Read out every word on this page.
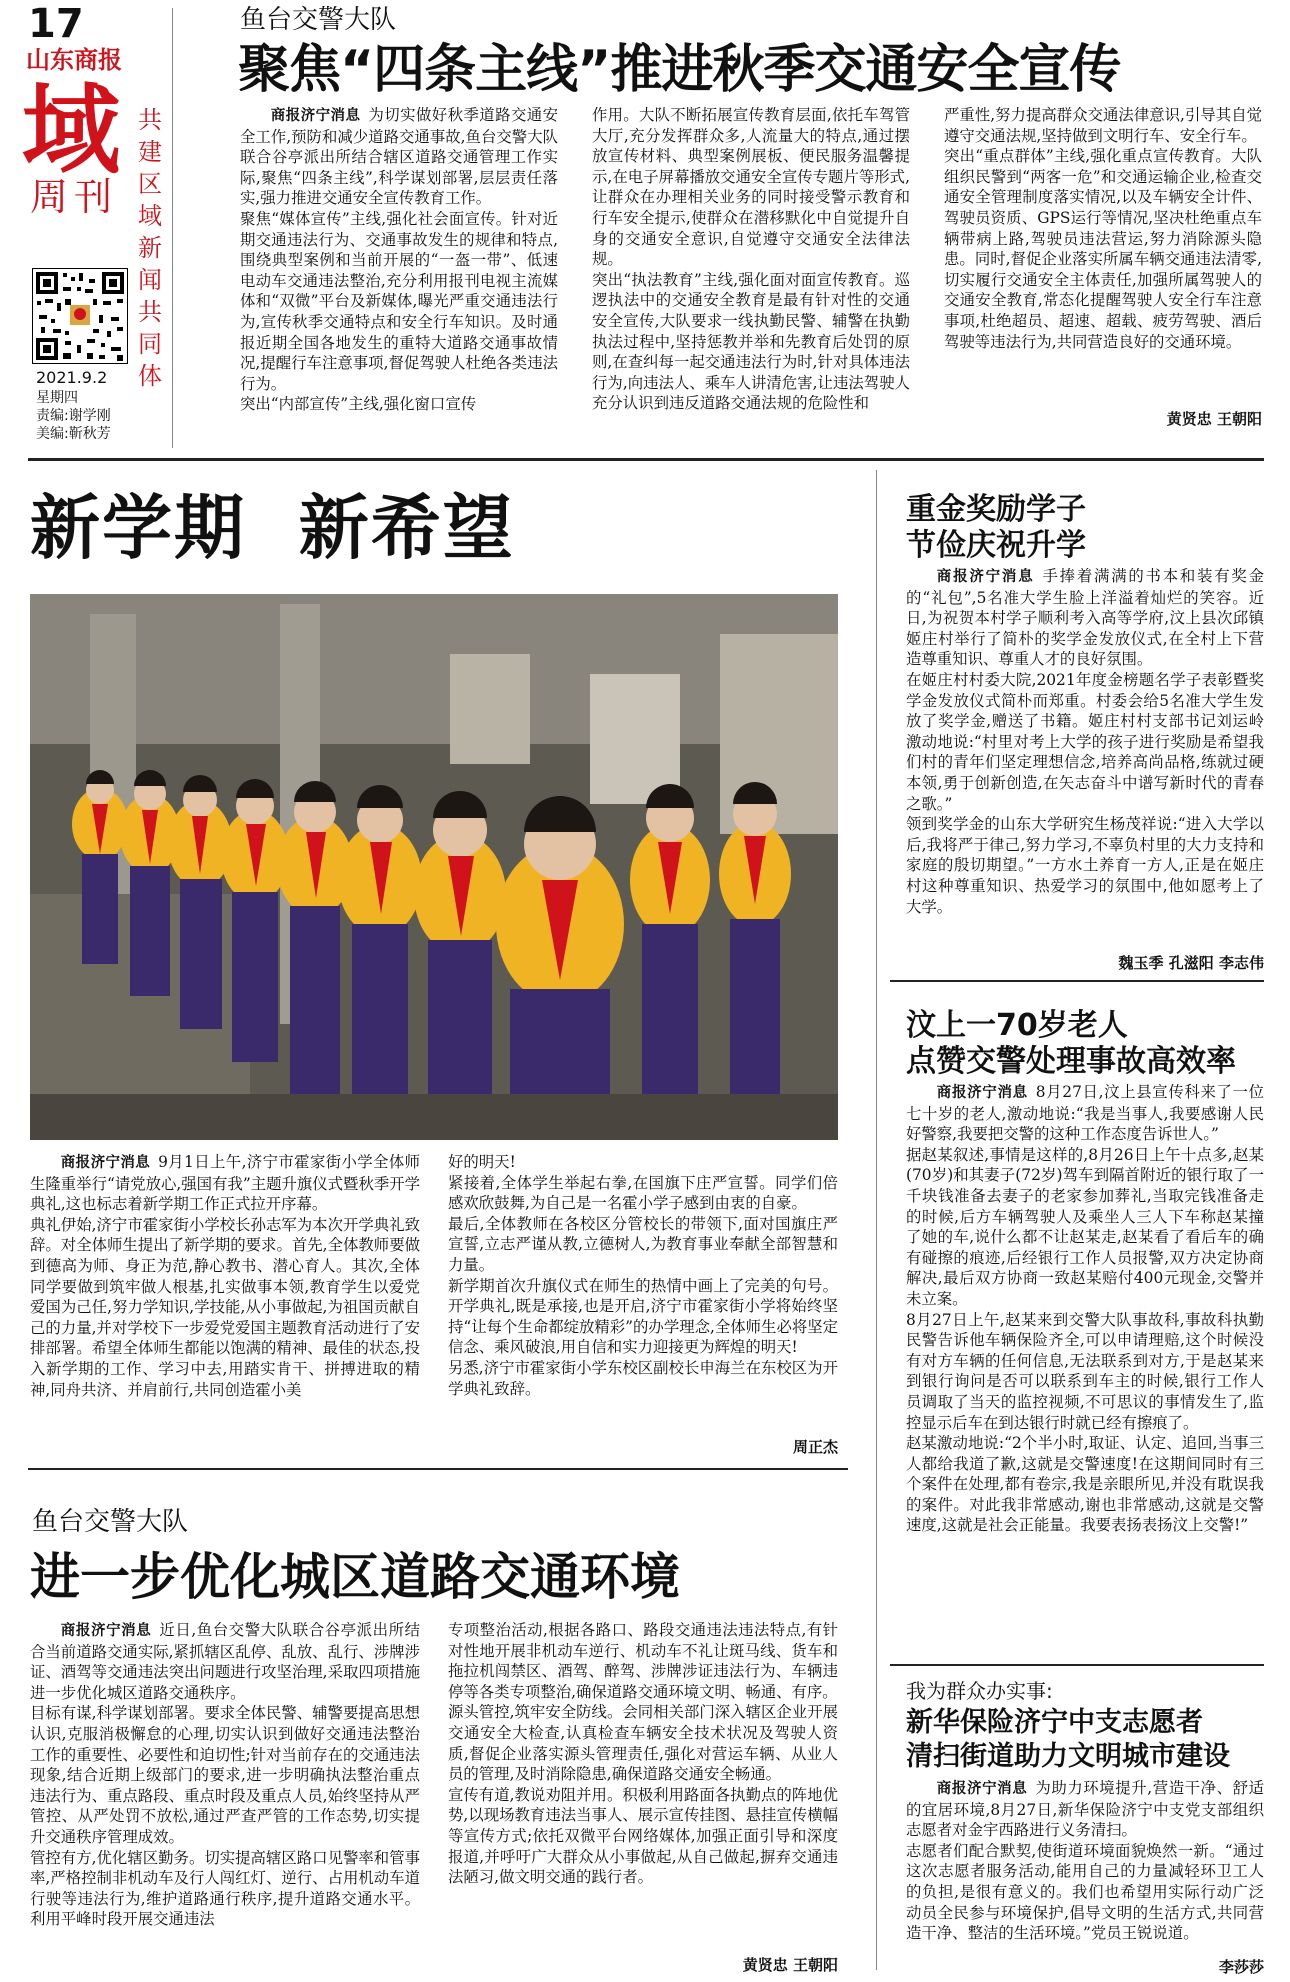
17
山东商报
域
周刊
共建区域新闻共同体
2021.9.2
星期四
责编:谢学刚
美编:靳秋芳
鱼台交警大队
聚焦“四条主线”推进秋季交通安全宣传
商报济宁消息 为切实做好秋季道路交通安全工作,预防和减少道路交通事故,鱼台交警大队联合谷亭派出所结合辖区道路交通管理工作实际,聚焦“四条主线”,科学谋划部署,层层责任落实,强力推进交通安全宣传教育工作。
聚焦“媒体宣传”主线,强化社会面宣传。针对近期交通违法行为、交通事故发生的规律和特点,围绕典型案例和当前开展的“一盔一带”、低速电动车交通违法整治,充分利用报刊电视主流媒体和“双微”平台及新媒体,曝光严重交通违法行为,宣传秋季交通特点和安全行车知识。及时通报近期全国各地发生的重特大道路交通事故情况,提醒行车注意事项,督促驾驶人杜绝各类违法行为。
突出“内部宣传”主线,强化窗口宣传
作用。大队不断拓展宣传教育层面,依托车驾管大厅,充分发挥群众多,人流量大的特点,通过摆放宣传材料、典型案例展板、便民服务温馨提示,在电子屏幕播放交通安全宣传专题片等形式,让群众在办理相关业务的同时接受警示教育和行车安全提示,使群众在潜移默化中自觉提升自身的交通安全意识,自觉遵守交通安全法律法规。
突出“执法教育”主线,强化面对面宣传教育。巡逻执法中的交通安全教育是最有针对性的交通安全宣传,大队要求一线执勤民警、辅警在执勤执法过程中,坚持惩教并举和先教育后处罚的原则,在查纠每一起交通违法行为时,针对具体违法行为,向违法人、乘车人讲清危害,让违法驾驶人充分认识到违反道路交通法规的危险性和
严重性,努力提高群众交通法律意识,引导其自觉遵守交通法规,坚持做到文明行车、安全行车。
突出“重点群体”主线,强化重点宣传教育。大队组织民警到“两客一危”和交通运输企业,检查交通安全管理制度落实情况,以及车辆安全计件、驾驶员资质、GPS运行等情况,坚决杜绝重点车辆带病上路,驾驶员违法营运,努力消除源头隐患。同时,督促企业落实所属车辆交通违法清零,切实履行交通安全主体责任,加强所属驾驶人的交通安全教育,常态化提醒驾驶人安全行车注意事项,杜绝超员、超速、超载、疲劳驾驶、酒后驾驶等违法行为,共同营造良好的交通环境。
黄贤忠 王朝阳
新学期  新希望
商报济宁消息 9月1日上午,济宁市霍家街小学全体师生隆重举行“请党放心,强国有我”主题升旗仪式暨秋季开学典礼,这也标志着新学期工作正式拉开序幕。
典礼伊始,济宁市霍家街小学校长孙志军为本次开学典礼致辞。对全体师生提出了新学期的要求。首先,全体教师要做到德高为师、身正为范,静心教书、潜心育人。其次,全体同学要做到筑牢做人根基,扎实做事本领,教育学生以爱党爱国为己任,努力学知识,学技能,从小事做起,为祖国贡献自己的力量,并对学校下一步爱党爱国主题教育活动进行了安排部署。希望全体师生都能以饱满的精神、最佳的状态,投入新学期的工作、学习中去,用踏实肯干、拼搏进取的精神,同舟共济、并肩前行,共同创造霍小美
好的明天!
紧接着,全体学生举起右拳,在国旗下庄严宣誓。同学们倍感欢欣鼓舞,为自己是一名霍小学子感到由衷的自豪。
最后,全体教师在各校区分管校长的带领下,面对国旗庄严宣誓,立志严谨从教,立德树人,为教育事业奉献全部智慧和力量。
新学期首次升旗仪式在师生的热情中画上了完美的句号。开学典礼,既是承接,也是开启,济宁市霍家街小学将始终坚持“让每个生命都绽放精彩”的办学理念,全体师生必将坚定信念、乘风破浪,用自信和实力迎接更为辉煌的明天!
另悉,济宁市霍家街小学东校区副校长申海兰在东校区为开学典礼致辞。
周正杰
鱼台交警大队
进一步优化城区道路交通环境
商报济宁消息 近日,鱼台交警大队联合谷亭派出所结合当前道路交通实际,紧抓辖区乱停、乱放、乱行、涉牌涉证、酒驾等交通违法突出问题进行攻坚治理,采取四项措施进一步优化城区道路交通秩序。
目标有谋,科学谋划部署。要求全体民警、辅警要提高思想认识,克服消极懈怠的心理,切实认识到做好交通违法整治工作的重要性、必要性和迫切性;针对当前存在的交通违法现象,结合近期上级部门的要求,进一步明确执法整治重点违法行为、重点路段、重点时段及重点人员,始终坚持从严管控、从严处罚不放松,通过严查严管的工作态势,切实提升交通秩序管理成效。
管控有方,优化辖区勤务。切实提高辖区路口见警率和管事率,严格控制非机动车及行人闯红灯、逆行、占用机动车道行驶等违法行为,维护道路通行秩序,提升道路交通水平。利用平峰时段开展交通违法
专项整治活动,根据各路口、路段交通违法违法特点,有针对性地开展非机动车逆行、机动车不礼让斑马线、货车和拖拉机闯禁区、酒驾、醉驾、涉牌涉证违法行为、车辆违停等各类专项整治,确保道路交通环境文明、畅通、有序。
源头管控,筑牢安全防线。会同相关部门深入辖区企业开展交通安全大检查,认真检查车辆安全技术状况及驾驶人资质,督促企业落实源头管理责任,强化对营运车辆、从业人员的管理,及时消除隐患,确保道路交通安全畅通。
宣传有道,教说劝阻并用。积极利用路面各执勤点的阵地优势,以现场教育违法当事人、展示宣传挂图、悬挂宣传横幅等宣传方式;依托双微平台网络媒体,加强正面引导和深度报道,并呼吁广大群众从小事做起,从自己做起,摒弃交通违法陋习,做文明交通的践行者。
黄贤忠 王朝阳
重金奖励学子
节俭庆祝升学
商报济宁消息 手捧着满满的书本和装有奖金的“礼包”,5名准大学生脸上洋溢着灿烂的笑容。近日,为祝贺本村学子顺利考入高等学府,汶上县次邱镇姬庄村举行了简朴的奖学金发放仪式,在全村上下营造尊重知识、尊重人才的良好氛围。
在姬庄村村委大院,2021年度金榜题名学子表彰暨奖学金发放仪式简朴而郑重。村委会给5名准大学生发放了奖学金,赠送了书籍。姬庄村村支部书记刘运岭激动地说:“村里对考上大学的孩子进行奖励是希望我们村的青年们坚定理想信念,培养高尚品格,练就过硬本领,勇于创新创造,在矢志奋斗中谱写新时代的青春之歌。”
领到奖学金的山东大学研究生杨茂祥说:“进入大学以后,我将严于律己,努力学习,不辜负村里的大力支持和家庭的殷切期望。”一方水土养育一方人,正是在姬庄村这种尊重知识、热爱学习的氛围中,他如愿考上了大学。
魏玉季 孔滋阳 李志伟
汶上一70岁老人
点赞交警处理事故高效率
商报济宁消息 8月27日,汶上县宣传科来了一位七十岁的老人,激动地说:“我是当事人,我要感谢人民好警察,我要把交警的这种工作态度告诉世人。”
据赵某叙述,事情是这样的,8月26日上午十点多,赵某(70岁)和其妻子(72岁)驾车到隔首附近的银行取了一千块钱准备去妻子的老家参加葬礼,当取完钱准备走的时候,后方车辆驾驶人及乘坐人三人下车称赵某撞了她的车,说什么都不让赵某走,赵某看了看后车的确有碰擦的痕迹,后经银行工作人员报警,双方决定协商解决,最后双方协商一致赵某赔付400元现金,交警并未立案。
8月27日上午,赵某来到交警大队事故科,事故科执勤民警告诉他车辆保险齐全,可以申请理赔,这个时候没有对方车辆的任何信息,无法联系到对方,于是赵某来到银行询问是否可以联系到车主的时候,银行工作人员调取了当天的监控视频,不可思议的事情发生了,监控显示后车在到达银行时就已经有擦痕了。
赵某激动地说:“2个半小时,取证、认定、追回,当事三人都给我道了歉,这就是交警速度!在这期间同时有三个案件在处理,都有卷宗,我是亲眼所见,并没有耽误我的案件。对此我非常感动,谢也非常感动,这就是交警速度,这就是社会正能量。我要表扬表扬汶上交警!”
我为群众办实事:
新华保险济宁中支志愿者
清扫街道助力文明城市建设
商报济宁消息 为助力环境提升,营造干净、舒适的宜居环境,8月27日,新华保险济宁中支党支部组织志愿者对金宇西路进行义务清扫。
志愿者们配合默契,使街道环境面貌焕然一新。“通过这次志愿者服务活动,能用自己的力量减轻环卫工人的负担,是很有意义的。我们也希望用实际行动广泛动员全民参与环境保护,倡导文明的生活方式,共同营造干净、整洁的生活环境。”党员王锐说道。
李莎莎
